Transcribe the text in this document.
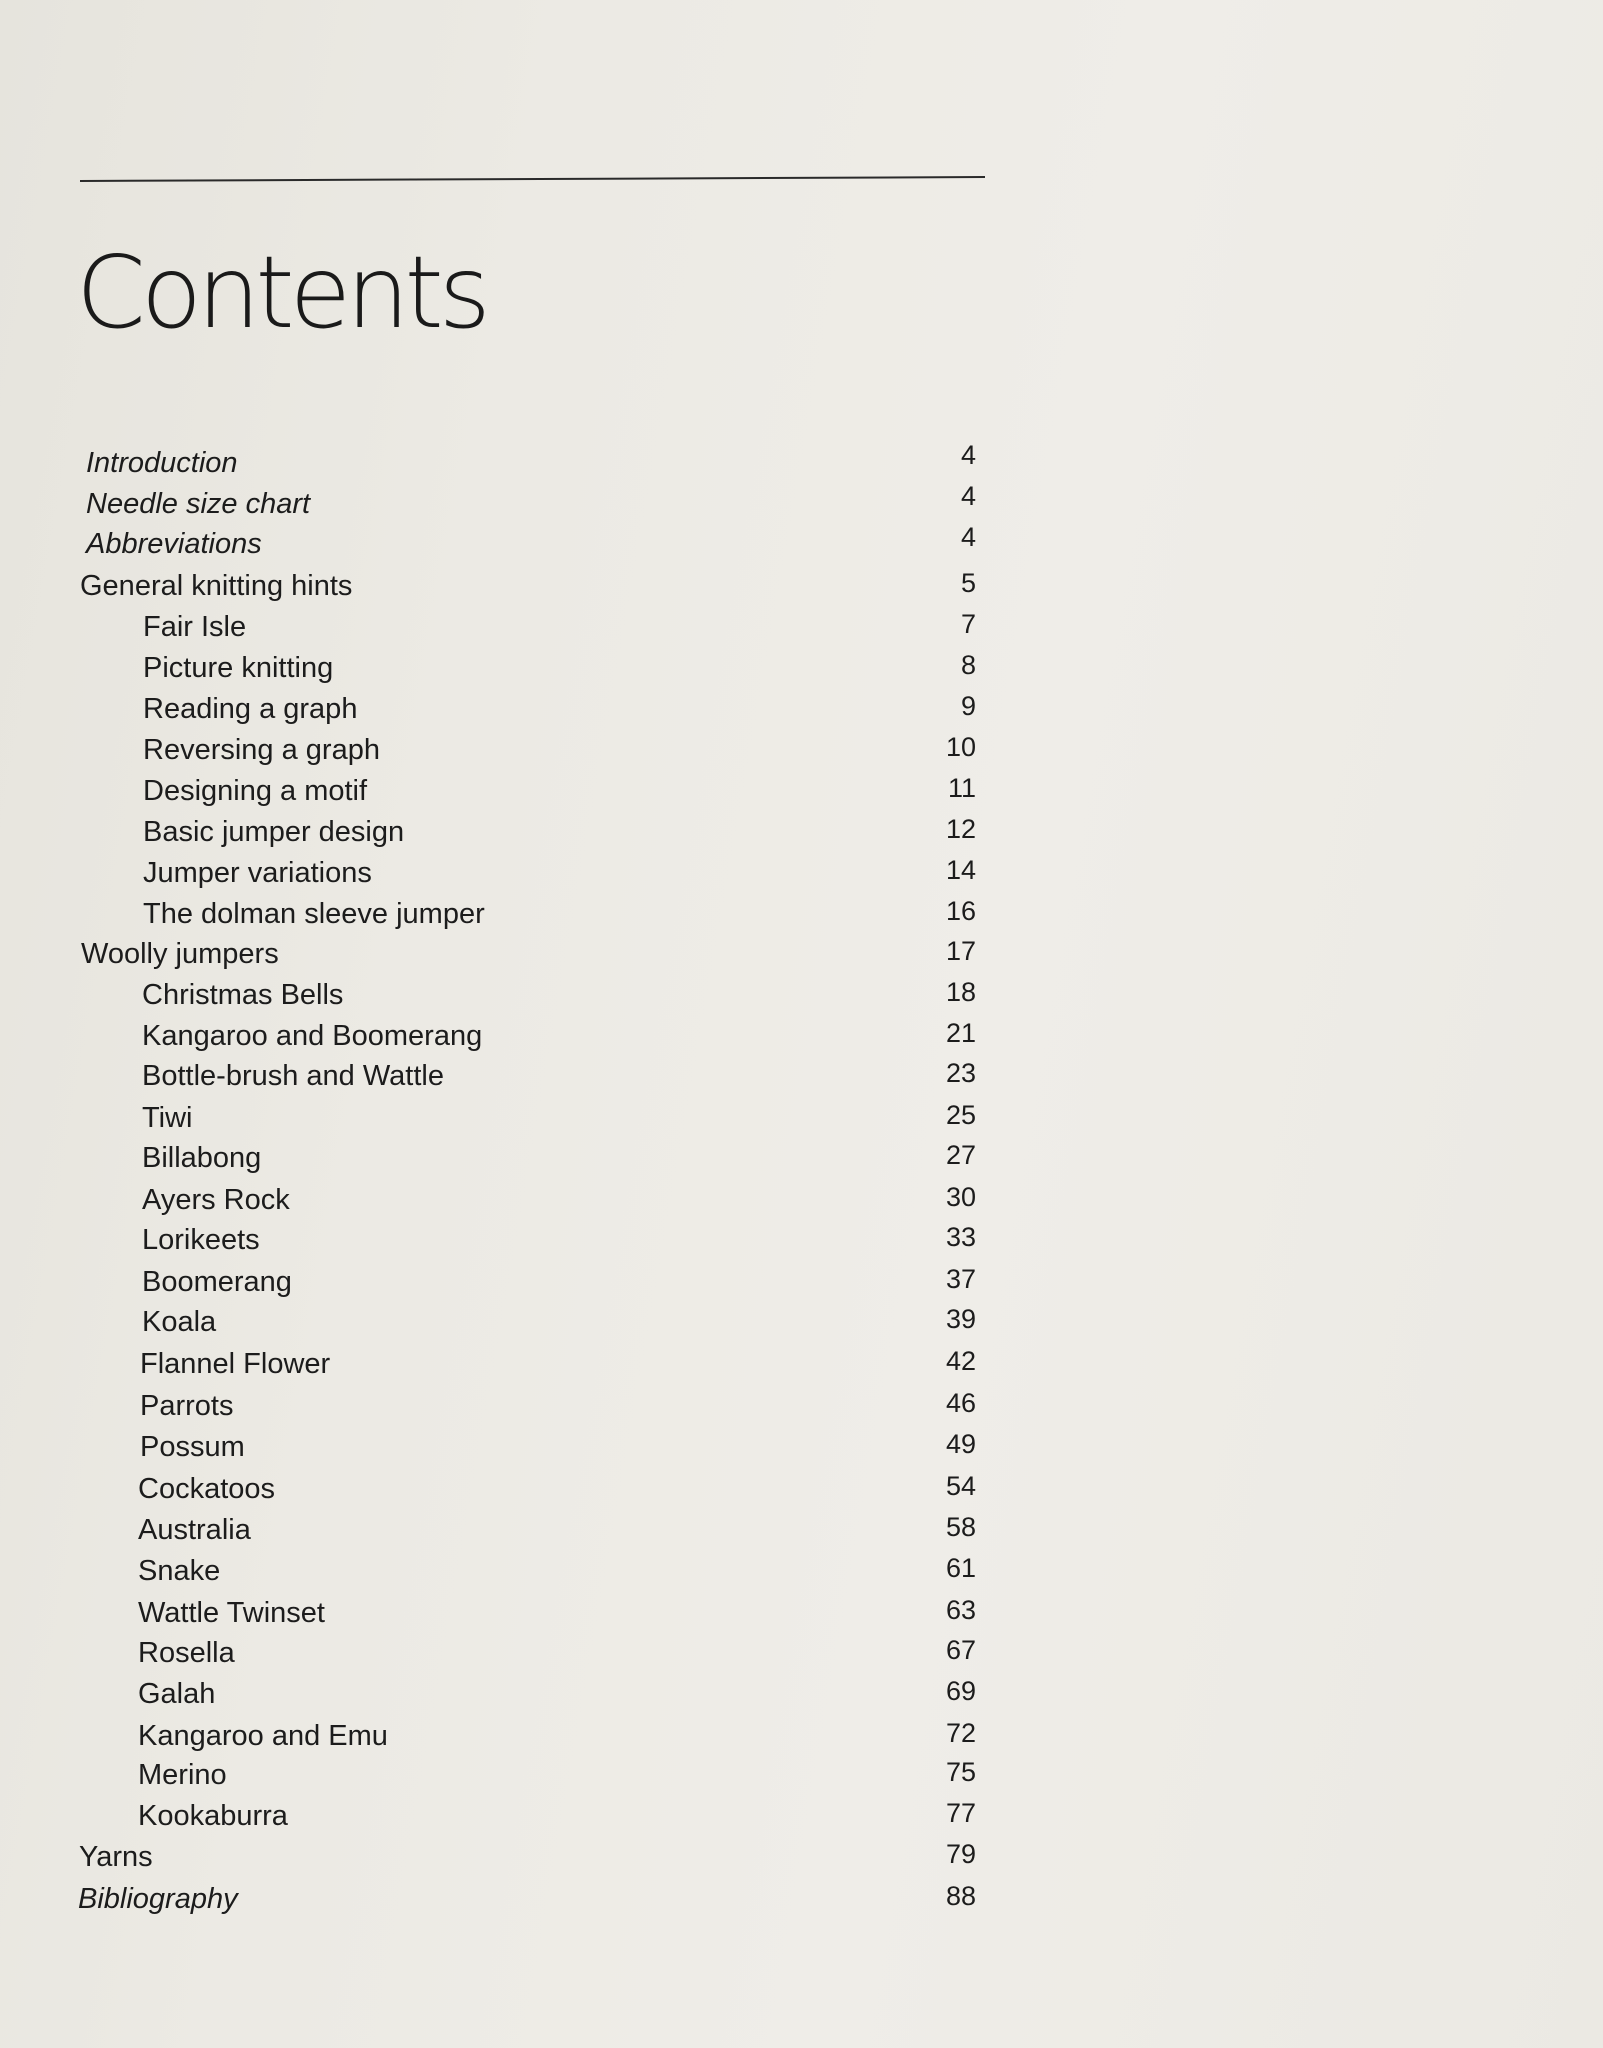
Contents
Introduction	4
Needle size chart	4
Abbreviations	4
General knitting hints	5
Fair Isle	7
Picture knitting	8
Reading a graph	9
Reversing a graph	10
Designing a motif	11
Basic jumper design	12
Jumper variations	14
The dolman sleeve jumper	16
Woolly jumpers	17
Christmas Bells	18
Kangaroo and Boomerang	21
Bottle-brush and Wattle	23
Tiwi	25
Billabong	27
Ayers Rock	30
Lorikeets	33
Boomerang	37
Koala	39
Flannel Flower	42
Parrots	46
Possum	49
Cockatoos	54
Australia	58
Snake	61
Wattle Twinset	63
Rosella	67
Galah	69
Kangaroo and Emu	72
Merino	75
Kookaburra	77
Yarns	79
Bibliography	88
